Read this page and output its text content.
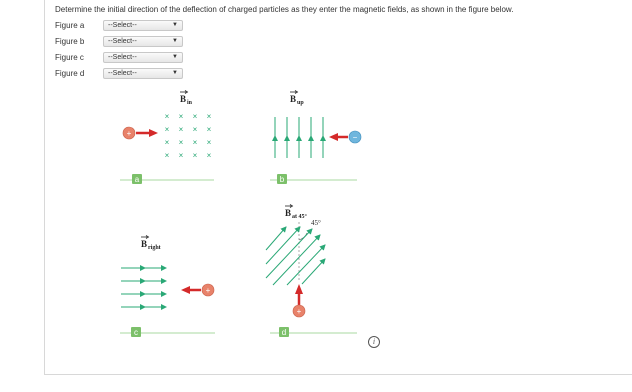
Determine the initial direction of the deflection of charged particles as they enter the magnetic fields, as shown in the figure below.
Figure a	--Select--	▼
Figure b	--Select--	▼
Figure c	--Select--	▼
Figure d	--Select--	▼
B in
× × × ×
× × × ×
× × × ×
× × × ×
+
a
B up
−
b
B right
+
c
B at 45°
45°
+
d
i
